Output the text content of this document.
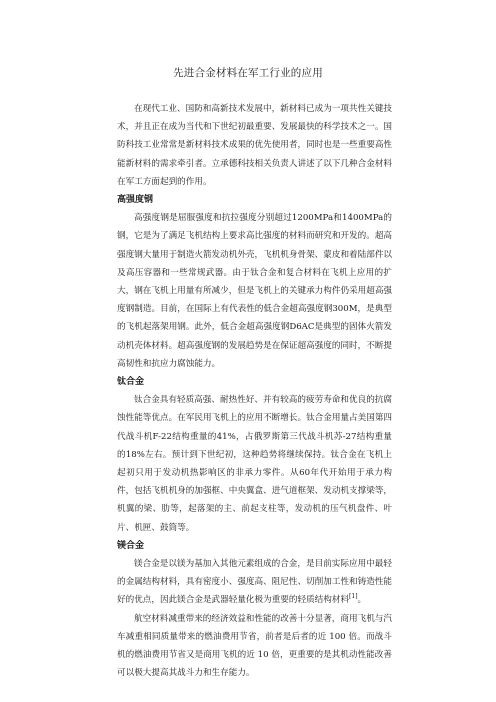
先进合金材料在军工行业的应用

在现代工业、国防和高新技术发展中，新材料已成为一项共性关键技术，并且正在成为当代和下世纪初最重要、发展最快的科学技术之一。国防科技工业常常是新材料技术成果的优先使用者，同时也是一些重要高性能新材料的需求牵引者。立承德科技相关负责人讲述了以下几种合金材料在军工方面起到的作用。

高强度钢

高强度钢是屈服强度和抗拉强度分别超过1200MPa和1400MPa的钢，它是为了满足飞机结构上要求高比强度的材料而研究和开发的。超高强度钢大量用于制造火箭发动机外壳，飞机机身骨架、蒙皮和着陆部件以及高压容器和一些常规武器。由于钛合金和复合材料在飞机上应用的扩大，钢在飞机上用量有所减少，但是飞机上的关键承力构件仍采用超高强度钢制造。目前，在国际上有代表性的低合金超高强度钢300M，是典型的飞机起落架用钢。此外，低合金超高强度钢D6AC是典型的固体火箭发动机壳体材料。超高强度钢的发展趋势是在保证超高强度的同时，不断提高韧性和抗应力腐蚀能力。

钛合金

钛合金具有轻质高强、耐热性好、并有较高的疲劳寿命和优良的抗腐蚀性能等优点。在军民用飞机上的应用不断增长。钛合金用量占美国第四代战斗机F-22结构重量的41%，占俄罗斯第三代战斗机苏-27结构重量的18%左右。预计到下世纪初，这种趋势将继续保持。钛合金在飞机上起初只用于发动机热影响区的非承力零件。从60年代开始用于承力构件，包括飞机机身的加强框、中央翼盒、进气道框架、发动机支撑梁等，机翼的梁、肋等，起落架的主、前起支柱等，发动机的压气机盘件、叶片、机匣、鼓筒等。

镁合金

镁合金是以镁为基加入其他元素组成的合金，是目前实际应用中最轻的金属结构材料，具有密度小、强度高、阻尼性、切削加工性和铸造性能好的优点，因此镁合金是武器轻量化极为重要的轻质结构材料[1]。

航空材料减重带来的经济效益和性能的改善十分显著，商用飞机与汽车减重相同质量带来的燃油费用节省，前者是后者的近 100 倍。而战斗机的燃油费用节省又是商用飞机的近 10 倍，更重要的是其机动性能改善可以极大提高其战斗力和生存能力。
